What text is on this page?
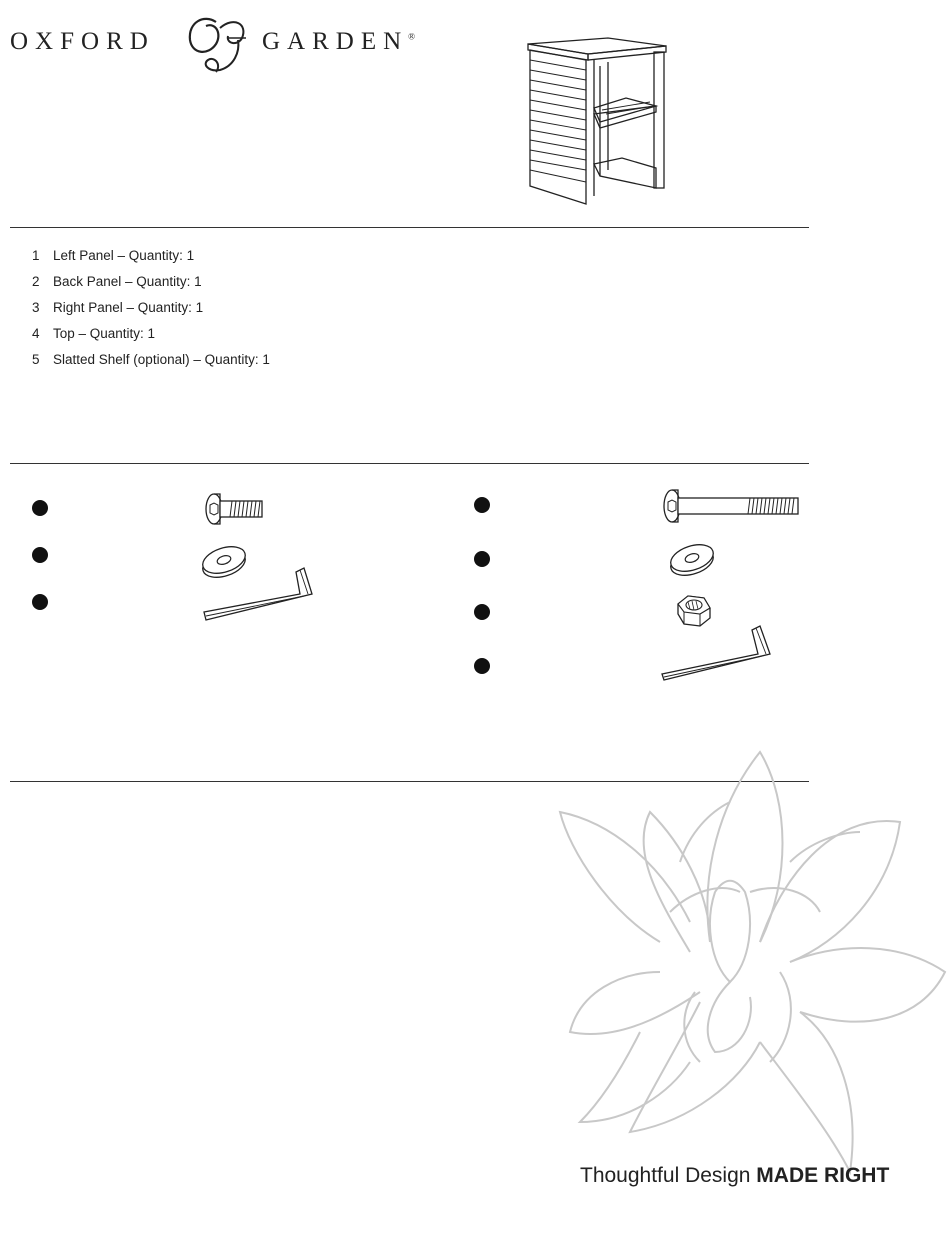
OXFORD	GARDEN®
1 Left Panel – Quantity: 1
2 Back Panel – Quantity: 1
3 Right Panel – Quantity: 1
4 Top – Quantity: 1
5 Slatted Shelf (optional) – Quantity: 1
Thoughtful Design MADE RIGHT
